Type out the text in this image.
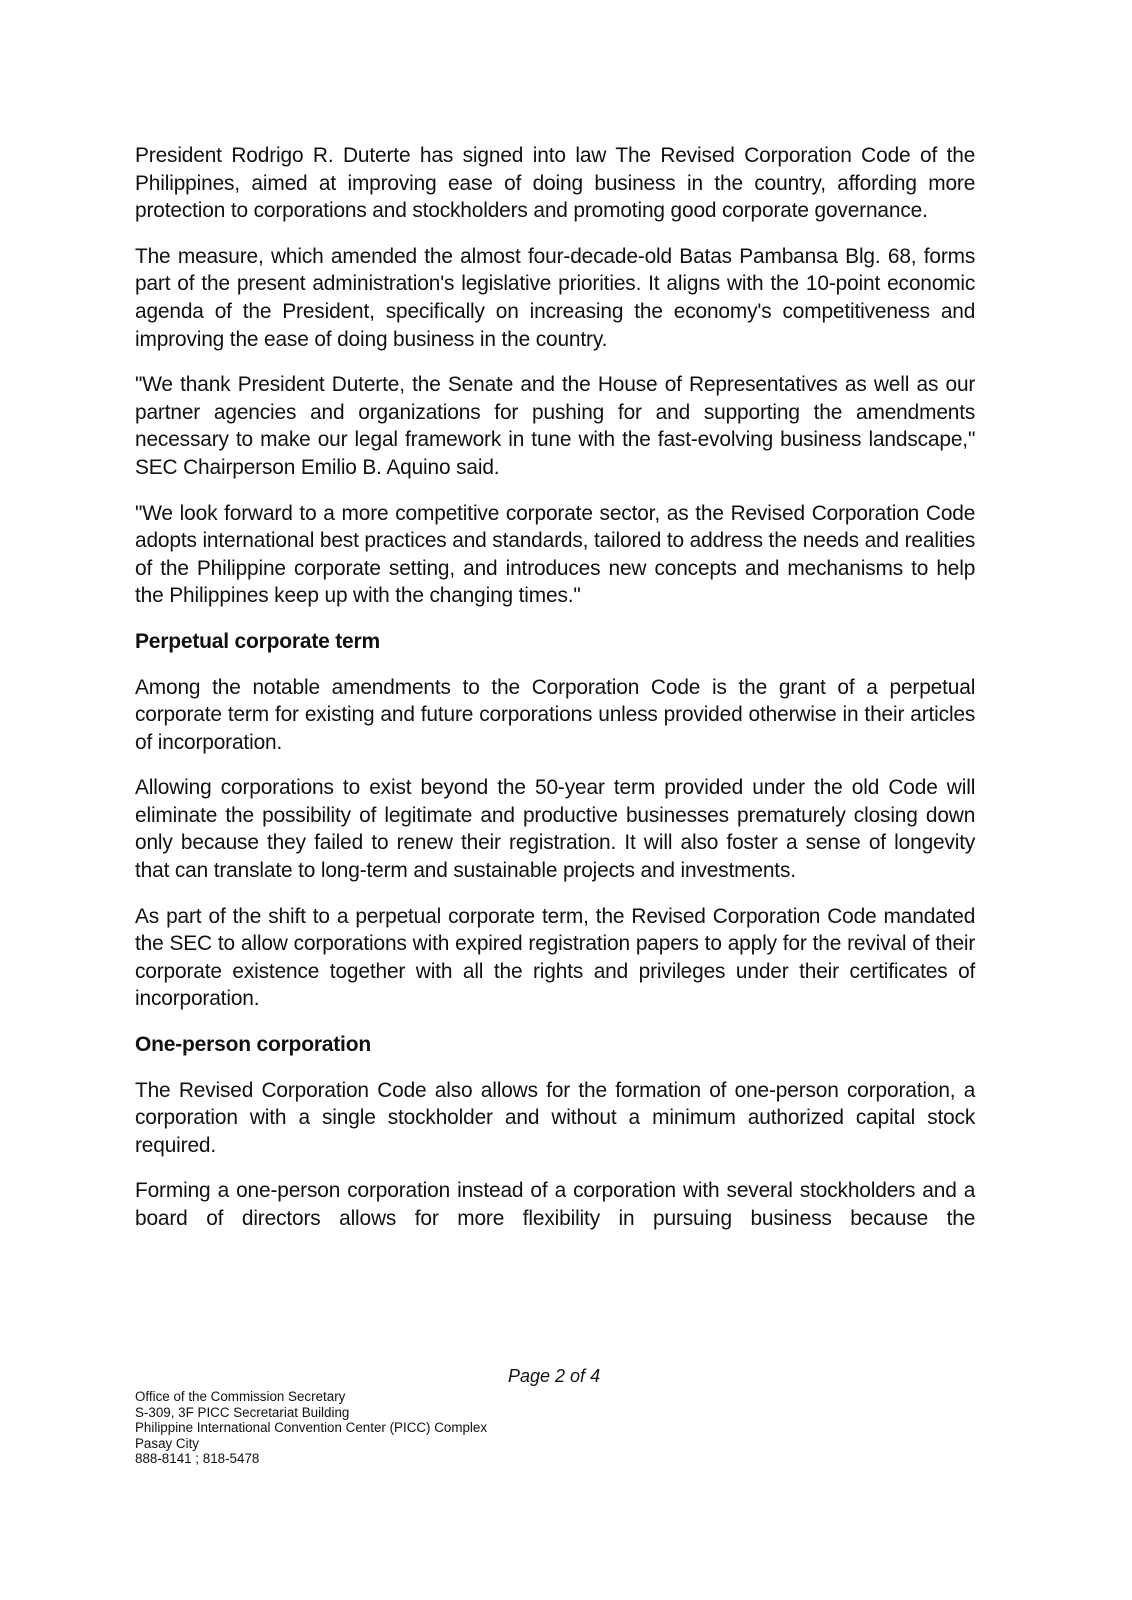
President Rodrigo R. Duterte has signed into law The Revised Corporation Code of the Philippines, aimed at improving ease of doing business in the country, affording more protection to corporations and stockholders and promoting good corporate governance.

The measure, which amended the almost four-decade-old Batas Pambansa Blg. 68, forms part of the present administration's legislative priorities. It aligns with the 10-point economic agenda of the President, specifically on increasing the economy's competitiveness and improving the ease of doing business in the country.

"We thank President Duterte, the Senate and the House of Representatives as well as our partner agencies and organizations for pushing for and supporting the amendments necessary to make our legal framework in tune with the fast-evolving business landscape," SEC Chairperson Emilio B. Aquino said.

"We look forward to a more competitive corporate sector, as the Revised Corporation Code adopts international best practices and standards, tailored to address the needs and realities of the Philippine corporate setting, and introduces new concepts and mechanisms to help the Philippines keep up with the changing times."

Perpetual corporate term

Among the notable amendments to the Corporation Code is the grant of a perpetual corporate term for existing and future corporations unless provided otherwise in their articles of incorporation.

Allowing corporations to exist beyond the 50-year term provided under the old Code will eliminate the possibility of legitimate and productive businesses prematurely closing down only because they failed to renew their registration. It will also foster a sense of longevity that can translate to long-term and sustainable projects and investments.

As part of the shift to a perpetual corporate term, the Revised Corporation Code mandated the SEC to allow corporations with expired registration papers to apply for the revival of their corporate existence together with all the rights and privileges under their certificates of incorporation.

One-person corporation

The Revised Corporation Code also allows for the formation of one-person corporation, a corporation with a single stockholder and without a minimum authorized capital stock required.

Forming a one-person corporation instead of a corporation with several stockholders and a board of directors allows for more flexibility in pursuing business because the

Page 2 of 4
Office of the Commission Secretary
S-309, 3F PICC Secretariat Building
Philippine International Convention Center (PICC) Complex
Pasay City
888-8141 ; 818-5478
